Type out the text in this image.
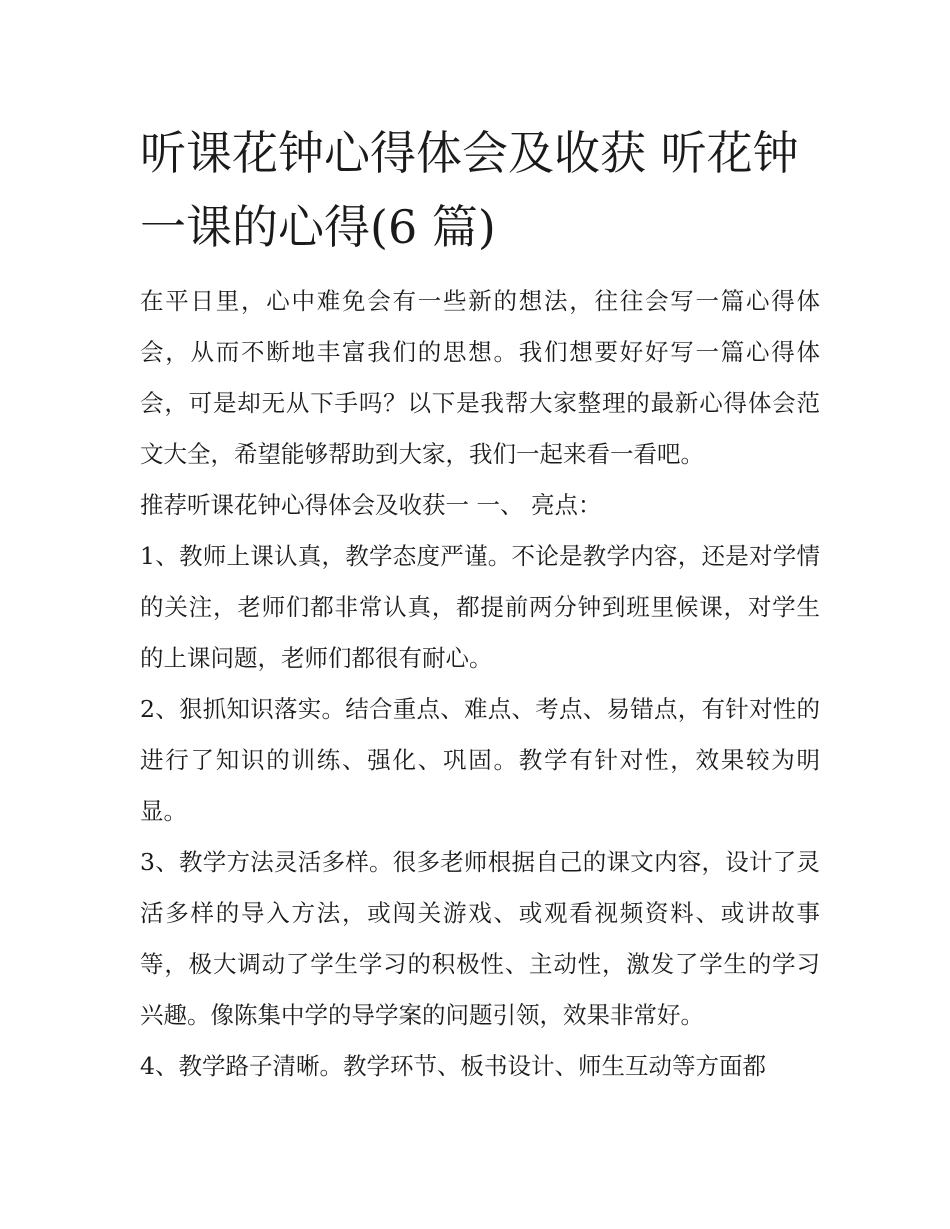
听课花钟心得体会及收获 听花钟一课的心得(6 篇)

在平日里，心中难免会有一些新的想法，往往会写一篇心得体会，从而不断地丰富我们的思想。我们想要好好写一篇心得体会，可是却无从下手吗？以下是我帮大家整理的最新心得体会范文大全，希望能够帮助到大家，我们一起来看一看吧。

推荐听课花钟心得体会及收获一 一、 亮点：

1、教师上课认真，教学态度严谨。不论是教学内容，还是对学情的关注，老师们都非常认真，都提前两分钟到班里候课，对学生的上课问题，老师们都很有耐心。

2、狠抓知识落实。结合重点、难点、考点、易错点，有针对性的进行了知识的训练、强化、巩固。教学有针对性，效果较为明显。

3、教学方法灵活多样。很多老师根据自己的课文内容，设计了灵活多样的导入方法，或闯关游戏、或观看视频资料、或讲故事等，极大调动了学生学习的积极性、主动性，激发了学生的学习兴趣。像陈集中学的导学案的问题引领，效果非常好。

4、教学路子清晰。教学环节、板书设计、师生互动等方面都
